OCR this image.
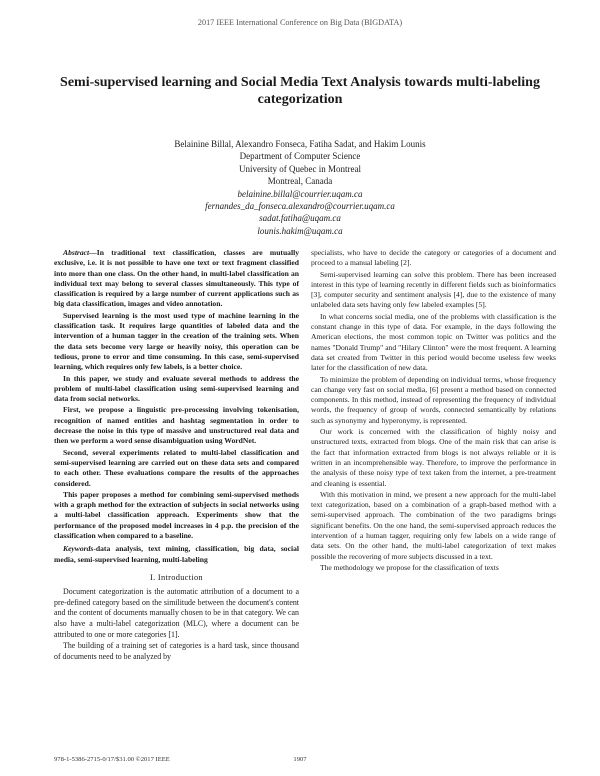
2017 IEEE International Conference on Big Data (BIGDATA)
Semi-supervised learning and Social Media Text Analysis towards multi-labeling categorization
Belainine Billal, Alexandro Fonseca, Fatiha Sadat, and Hakim Lounis
Department of Computer Science
University of Quebec in Montreal
Montreal, Canada
belainine.billal@courrier.uqam.ca
fernandes_da_fonseca.alexandro@courrier.uqam.ca
sadat.fatiha@uqam.ca
lounis.hakim@uqam.ca

Abstract—In traditional text classification, classes are mutually exclusive, i.e. it is not possible to have one text or text fragment classified into more than one class. On the other hand, in multi-label classification an individual text may belong to several classes simultaneously. This type of classification is required by a large number of current applications such as big data classification, images and video annotation.

Supervised learning is the most used type of machine learning in the classification task. It requires large quantities of labeled data and the intervention of a human tagger in the creation of the training sets. When the data sets become very large or heavily noisy, this operation can be tedious, prone to error and time consuming. In this case, semi-supervised learning, which requires only few labels, is a better choice.

In this paper, we study and evaluate several methods to address the problem of multi-label classification using semi-supervised learning and data from social networks.

First, we propose a linguistic pre-processing involving tokenisation, recognition of named entities and hashtag segmentation in order to decrease the noise in this type of massive and unstructured real data and then we perform a word sense disambiguation using WordNet.

Second, several experiments related to multi-label classification and semi-supervised learning are carried out on these data sets and compared to each other. These evaluations compare the results of the approaches considered.

This paper proposes a method for combining semi-supervised methods with a graph method for the extraction of subjects in social networks using a multi-label classification approach. Experiments show that the performance of the proposed model increases in 4 p.p. the precision of the classification when compared to a baseline.

Keywords-data analysis, text mining, classification, big data, social media, semi-supervised learning, multi-labeling

I. Introduction

Document categorization is the automatic attribution of a document to a pre-defined category based on the similitude between the document's content and the content of documents manually chosen to be in that category. We can also have a multi-label categorization (MLC), where a document can be attributed to one or more categories [1].

The building of a training set of categories is a hard task, since thousand of documents need to be analyzed by

specialists, who have to decide the category or categories of a document and proceed to a manual labeling [2].

Semi-supervised learning can solve this problem. There has been increased interest in this type of learning recently in different fields such as bioinformatics [3], computer security and sentiment analysis [4], due to the existence of many unlabeled data sets having only few labeled examples [5].

In what concerns social media, one of the problems with classification is the constant change in this type of data. For example, in the days following the American elections, the most common topic on Twitter was politics and the names "Donald Trump" and "Hilary Clinton" were the most frequent. A learning data set created from Twitter in this period would become useless few weeks later for the classification of new data.

To minimize the problem of depending on individual terms, whose frequency can change very fast on social media, [6] present a method based on connected components. In this method, instead of representing the frequency of individual words, the frequency of group of words, connected semantically by relations such as synonymy and hyperonymy, is represented.

Our work is concerned with the classification of highly noisy and unstructured texts, extracted from blogs. One of the main risk that can arise is the fact that information extracted from blogs is not always reliable or it is written in an incomprehensible way. Therefore, to improve the performance in the analysis of these noisy type of text taken from the internet, a pre-treatment and cleaning is essential.

With this motivation in mind, we present a new approach for the multi-label text categorization, based on a combination of a graph-based method with a semi-supervised approach. The combination of the two paradigms brings significant benefits. On the one hand, the semi-supervised approach reduces the intervention of a human tagger, requiring only few labels on a wide range of data sets. On the other hand, the multi-label categorization of text makes possible the recovering of more subjects discussed in a text.

The methodology we propose for the classification of texts

978-1-5386-2715-0/17/$31.00 ©2017 IEEE	1907
